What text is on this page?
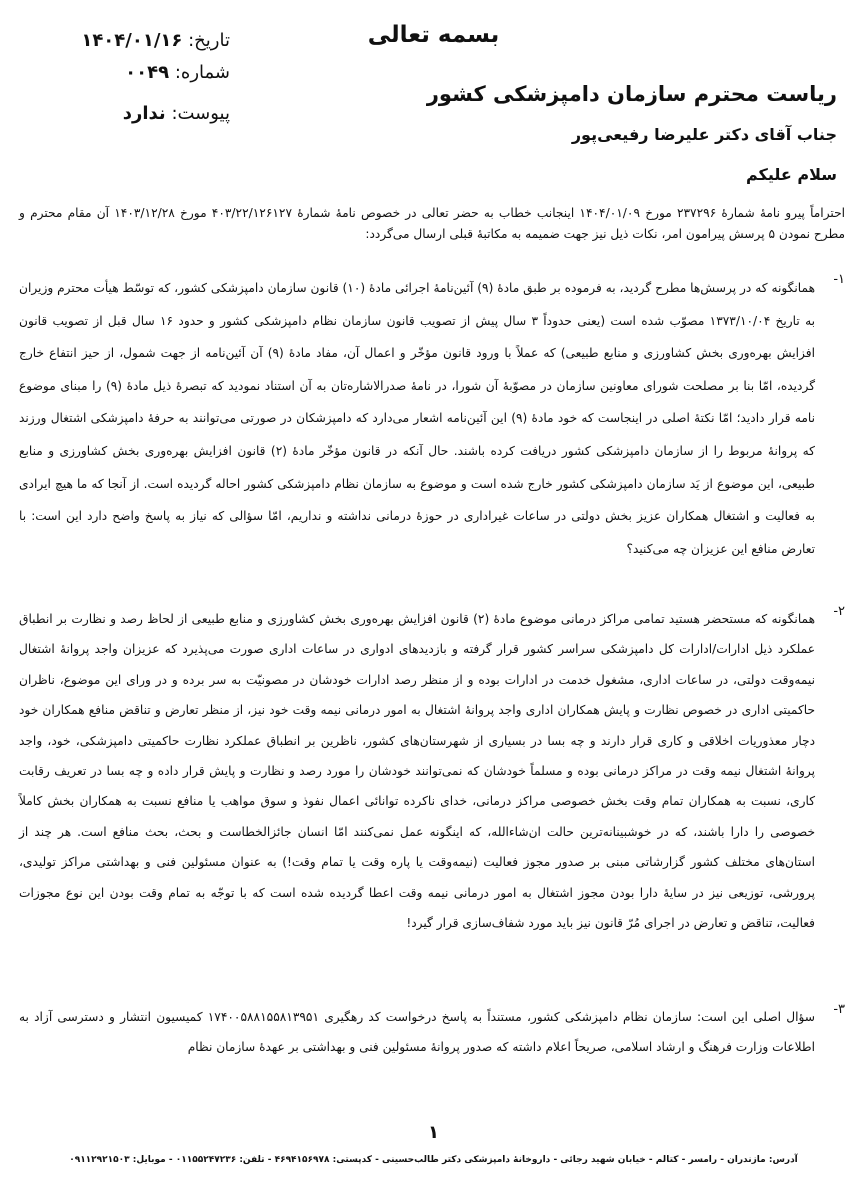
بسمه تعالی
تاریخ: ۱۴۰۴/۰۱/۱۶
شماره: ۰۰۴۹
پیوست: ندارد
ریاست محترم سازمان دامپزشکی کشور
جناب آقای دکتر علیرضا رفیعی‌پور
سلام علیکم
احتراماً پیرو نامهٔ شمارهٔ ۲۳۷۲۹۶ مورخ ۱۴۰۴/۰۱/۰۹ اینجانب خطاب به حضر تعالی در خصوص نامهٔ شمارهٔ ۴۰۳/۲۲/۱۲۶۱۲۷ مورخ ۱۴۰۳/۱۲/۲۸ آن مقام محترم و مطرح نمودن ۵ پرسش پیرامون امر، نکات ذیل نیز جهت ضمیمه به مکاتبهٔ قبلی ارسال می‌گردد:
۱-
همانگونه که در پرسش‌ها مطرح گردید، به فرموده بر طبق مادهٔ (۹) آئین‌نامهٔ اجرائی مادهٔ (۱۰) قانون سازمان دامپزشکی کشور، که توسّط هیأت محترم وزیران به تاریخ ۱۳۷۳/۱۰/۰۴ مصوّب شده است (یعنی حدوداً ۳ سال پیش از تصویب قانون سازمان نظام دامپزشکی کشور و حدود ۱۶ سال قبل از تصویب قانون افزایش بهره‌وری بخش کشاورزی و منابع طبیعی) که عملاً با ورود قانون مؤخّر و اعمال آن، مفاد مادهٔ (۹) آن آئین‌نامه از جهت شمول، از حیز انتفاع خارج گردیده، امّا بنا بر مصلحت شورای معاونین سازمان در مصوّبهٔ آن شورا، در نامهٔ صدرالاشاره‌تان به آن استناد نمودید که تبصرهٔ ذیل مادهٔ (۹) را مبنای موضوع نامه قرار دادید؛ امّا نکتهٔ اصلی در اینجاست که خود مادهٔ (۹) این آئین‌نامه اشعار می‌دارد که دامپزشکان در صورتی می‌توانند به حرفهٔ دامپزشکی اشتغال ورزند که پروانهٔ مربوط را از سازمان دامپزشکی کشور دریافت کرده باشند. حال آنکه در قانون مؤخّر مادهٔ (۲) قانون افزایش بهره‌وری بخش کشاورزی و منابع طبیعی، این موضوع از یَد سازمان دامپزشکی کشور خارج شده است و موضوع به سازمان نظام دامپزشکی کشور احاله گردیده است. از آنجا که ما هیچ ایرادی به فعالیت و اشتغال همکاران عزیز بخش دولتی در ساعات غیراداری در حوزهٔ درمانی نداشته و نداریم، امّا سؤالی که نیاز به پاسخ واضح دارد این است: با تعارض منافع این عزیزان چه می‌کنید؟
۲-
همانگونه که مستحضر هستید تمامی مراکز درمانی موضوع مادهٔ (۲) قانون افزایش بهره‌وری بخش کشاورزی و منابع طبیعی از لحاظ رصد و نظارت بر انطباق عملکرد ذیل ادارات/ادارات کل دامپزشکی سراسر کشور قرار گرفته و بازدیدهای ادواری در ساعات اداری صورت می‌پذیرد که عزیزان واجد پروانهٔ اشتغال نیمه‌وقت دولتی، در ساعات اداری، مشغول خدمت در ادارات بوده و از منظر رصد ادارات خودشان در مصونیّت به سر برده و در ورای این موضوع، ناظران حاکمیتی اداری در خصوص نظارت و پایش همکاران اداری واجد پروانهٔ اشتغال به امور درمانی نیمه وقت خود نیز، از منظر تعارض و تناقض منافع همکاران خود دچار معذوریات اخلاقی و کاری قرار دارند و چه بسا در بسیاری از شهرستان‌های کشور، ناظرین بر انطباق عملکرد نظارت حاکمیتی دامپزشکی، خود، واجد پروانهٔ اشتغال نیمه وقت در مراکز درمانی بوده و مسلماً خودشان که نمی‌توانند خودشان را مورد رصد و نظارت و پایش قرار داده و چه بسا در تعریف رقابت کاری، نسبت به همکاران تمام وقت بخش خصوصی مراکز درمانی، خدای ناکرده توانائی اعمال نفوذ و سوق مواهب یا منافع نسبت به همکاران بخش کاملاً خصوصی را دارا باشند، که در خوشبینانه‌ترین حالت ان‌شاءالله، که اینگونه عمل نمی‌کنند امّا انسان جائزالخطاست و بحث، بحث منافع است. هر چند از استان‌های مختلف کشور گزارشاتی مبنی بر صدور مجوز فعالیت (نیمه‌وقت یا پاره وقت یا تمام وقت!) به عنوان مسئولین فنی و بهداشتی مراکز تولیدی، پرورشی، توزیعی نیز در سایهٔ دارا بودن مجوز اشتغال به امور درمانی نیمه وقت اعطا گردیده شده است که با توجّه به تمام وقت بودن این نوع مجوزات فعالیت، تناقض و تعارض در اجرای مُرّ قانون نیز باید مورد شفاف‌سازی قرار گیرد!
۳-
سؤال اصلی این است: سازمان نظام دامپزشکی کشور، مستنداً به پاسخ درخواست کد رهگیری ۱۷۴۰۰۵۸۸۱۵۵۸۱۳۹۵۱ کمیسیون انتشار و دسترسی آزاد به اطلاعات وزارت فرهنگ و ارشاد اسلامی، صریحاً اعلام داشته که صدور پروانهٔ مسئولین فنی و بهداشتی بر عهدهٔ سازمان نظام
۱
آدرس: مازندران - رامسر - کتالم - خیابان شهید رجائی - داروخانهٔ دامپزشکی دکتر طالب‌حسینی - کدپستی: ۴۶۹۴۱۵۶۹۷۸ - تلفن: ۰۱۱۵۵۲۴۷۲۳۶ - موبایل: ۰۹۱۱۲۹۲۱۵۰۳
